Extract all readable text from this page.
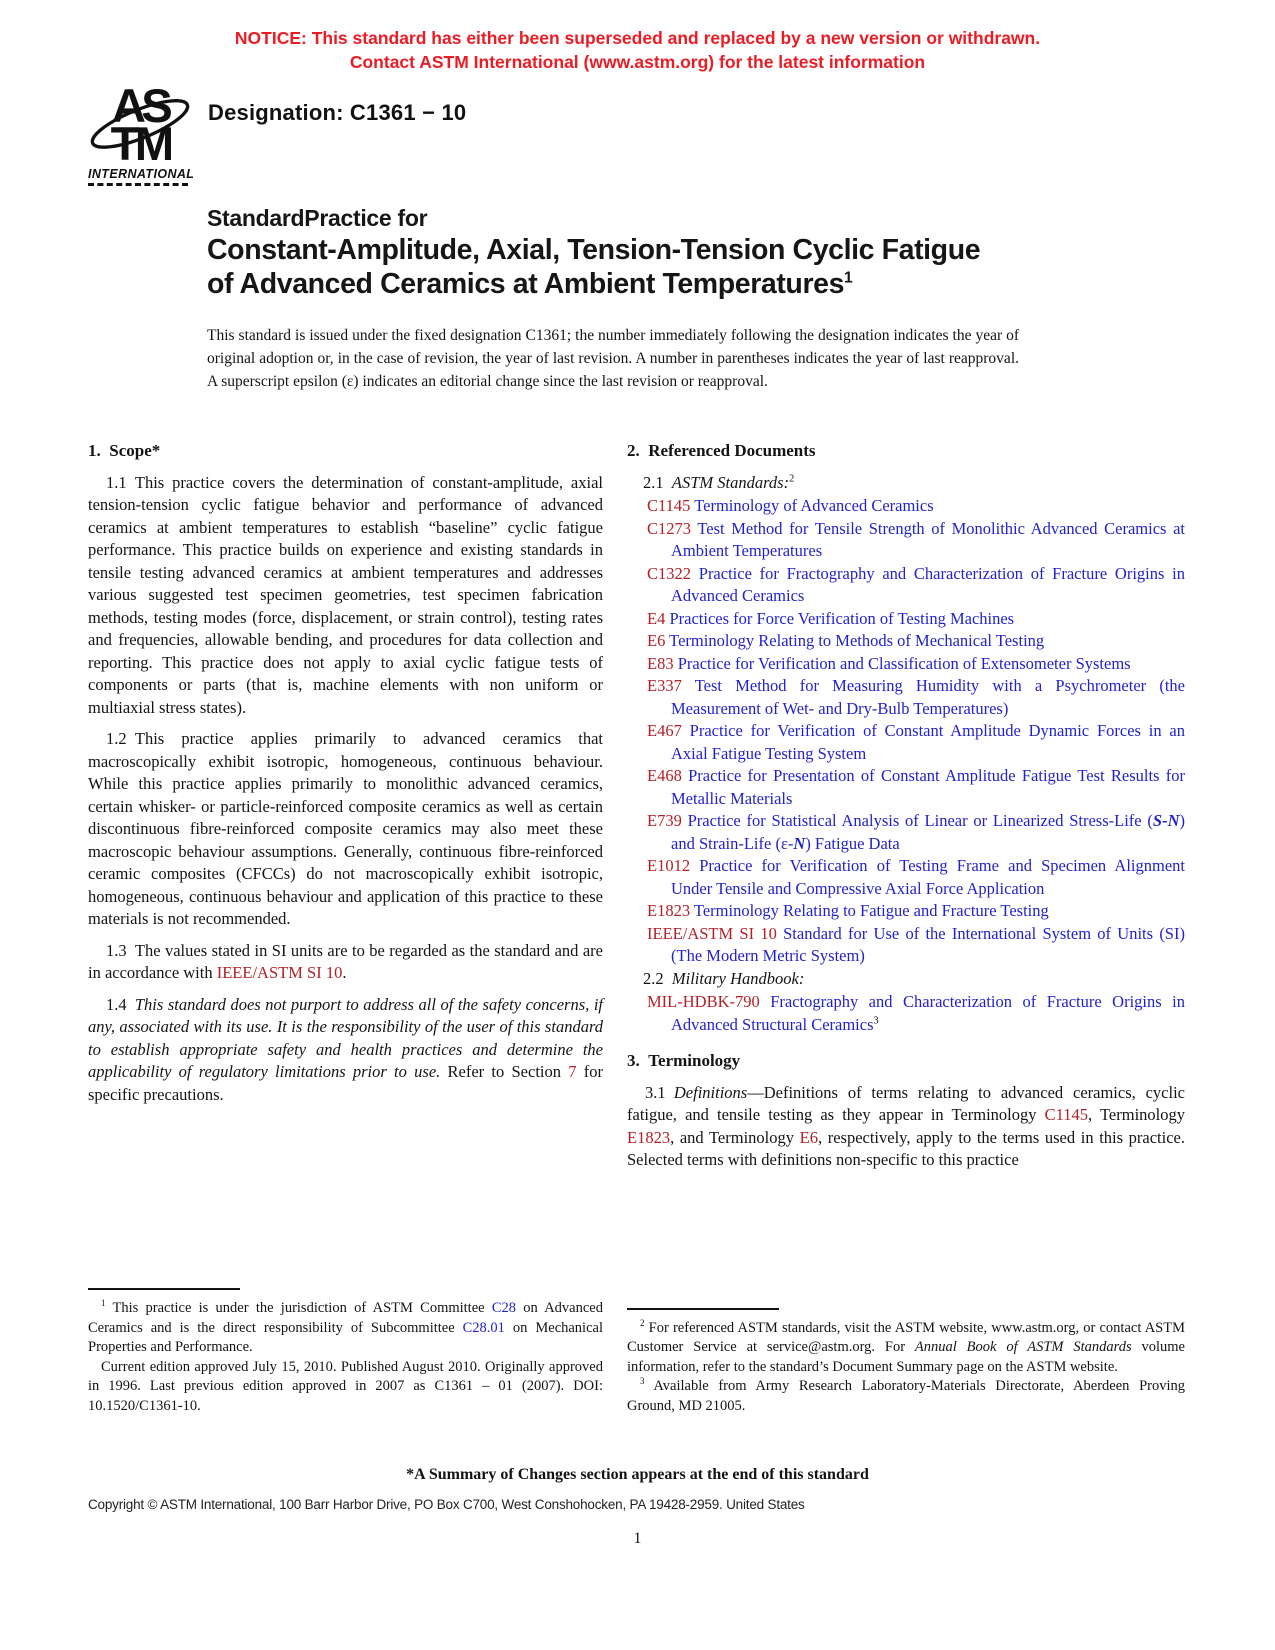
NOTICE: This standard has either been superseded and replaced by a new version or withdrawn.
Contact ASTM International (www.astm.org) for the latest information
AS
TM
INTERNATIONAL
Designation: C1361 − 10
StandardPractice for
Constant-Amplitude, Axial, Tension-Tension Cyclic Fatigue
of Advanced Ceramics at Ambient Temperatures$^1$
This standard is issued under the fixed designation C1361; the number immediately following the designation indicates the year of original adoption or, in the case of revision, the year of last revision. A number in parentheses indicates the year of last reapproval. A superscript epsilon (ε) indicates an editorial change since the last revision or reapproval.
1. Scope*

1.1 This practice covers the determination of constant-amplitude, axial tension-tension cyclic fatigue behavior and performance of advanced ceramics at ambient temperatures to establish “baseline” cyclic fatigue performance. This practice builds on experience and existing standards in tensile testing advanced ceramics at ambient temperatures and addresses various suggested test specimen geometries, test specimen fabrication methods, testing modes (force, displacement, or strain control), testing rates and frequencies, allowable bending, and procedures for data collection and reporting. This practice does not apply to axial cyclic fatigue tests of components or parts (that is, machine elements with non uniform or multiaxial stress states).

1.2 This practice applies primarily to advanced ceramics that macroscopically exhibit isotropic, homogeneous, continuous behaviour. While this practice applies primarily to monolithic advanced ceramics, certain whisker- or particle-reinforced composite ceramics as well as certain discontinuous fibre-reinforced composite ceramics may also meet these macroscopic behaviour assumptions. Generally, continuous fibre-reinforced ceramic composites (CFCCs) do not macroscopically exhibit isotropic, homogeneous, continuous behaviour and application of this practice to these materials is not recommended.

1.3 The values stated in SI units are to be regarded as the standard and are in accordance with IEEE/ASTM SI 10.

1.4 This standard does not purport to address all of the safety concerns, if any, associated with its use. It is the responsibility of the user of this standard to establish appropriate safety and health practices and determine the applicability of regulatory limitations prior to use. Refer to Section 7 for specific precautions.

$^1$ This practice is under the jurisdiction of ASTM Committee C28 on Advanced Ceramics and is the direct responsibility of Subcommittee C28.01 on Mechanical Properties and Performance.

Current edition approved July 15, 2010. Published August 2010. Originally approved in 1996. Last previous edition approved in 2007 as C1361 – 01 (2007). DOI: 10.1520/C1361-10.

2. Referenced Documents

2.1 ASTM Standards:$^2$

C1145 Terminology of Advanced Ceramics
C1273 Test Method for Tensile Strength of Monolithic Advanced Ceramics at Ambient Temperatures
C1322 Practice for Fractography and Characterization of Fracture Origins in Advanced Ceramics
E4 Practices for Force Verification of Testing Machines
E6 Terminology Relating to Methods of Mechanical Testing
E83 Practice for Verification and Classification of Extensometer Systems
E337 Test Method for Measuring Humidity with a Psychrometer (the Measurement of Wet- and Dry-Bulb Temperatures)
E467 Practice for Verification of Constant Amplitude Dynamic Forces in an Axial Fatigue Testing System
E468 Practice for Presentation of Constant Amplitude Fatigue Test Results for Metallic Materials
E739 Practice for Statistical Analysis of Linear or Linearized Stress-Life (S-N) and Strain-Life (ε-N) Fatigue Data
E1012 Practice for Verification of Testing Frame and Specimen Alignment Under Tensile and Compressive Axial Force Application
E1823 Terminology Relating to Fatigue and Fracture Testing
IEEE/ASTM SI 10 Standard for Use of the International System of Units (SI) (The Modern Metric System)

2.2 Military Handbook:

MIL-HDBK-790 Fractography and Characterization of Fracture Origins in Advanced Structural Ceramics$^3$
3. Terminology

3.1 Definitions—Definitions of terms relating to advanced ceramics, cyclic fatigue, and tensile testing as they appear in Terminology C1145, Terminology E1823, and Terminology E6, respectively, apply to the terms used in this practice. Selected terms with definitions non-specific to this practice

$^2$ For referenced ASTM standards, visit the ASTM website, www.astm.org, or contact ASTM Customer Service at service@astm.org. For Annual Book of ASTM Standards volume information, refer to the standard’s Document Summary page on the ASTM website.

$^3$ Available from Army Research Laboratory-Materials Directorate, Aberdeen Proving Ground, MD 21005.

*A Summary of Changes section appears at the end of this standard
Copyright © ASTM International, 100 Barr Harbor Drive, PO Box C700, West Conshohocken, PA 19428-2959. United States
1
